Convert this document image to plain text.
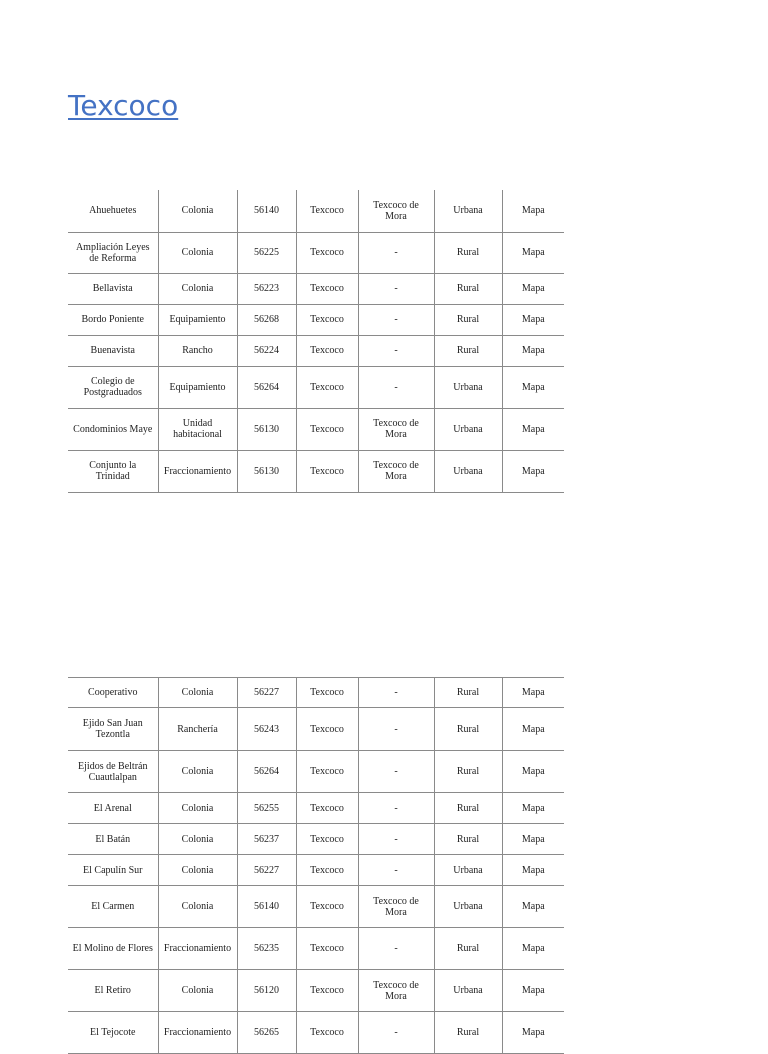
Texcoco
Ahuehuetes	Colonia	56140	Texcoco	Texcoco de Mora	Urbana	Mapa
Ampliación Leyes de Reforma	Colonia	56225	Texcoco	-	Rural	Mapa
Bellavista	Colonia	56223	Texcoco	-	Rural	Mapa
Bordo Poniente	Equipamiento	56268	Texcoco	-	Rural	Mapa
Buenavista	Rancho	56224	Texcoco	-	Rural	Mapa
Colegio de Postgraduados	Equipamiento	56264	Texcoco	-	Urbana	Mapa
Condominios Maye	Unidad habitacional	56130	Texcoco	Texcoco de Mora	Urbana	Mapa
Conjunto la Trinidad	Fraccionamiento	56130	Texcoco	Texcoco de Mora	Urbana	Mapa
Cooperativo	Colonia	56227	Texcoco	-	Rural	Mapa
Ejido San Juan Tezontla	Ranchería	56243	Texcoco	-	Rural	Mapa
Ejidos de Beltrán Cuautlalpan	Colonia	56264	Texcoco	-	Rural	Mapa
El Arenal	Colonia	56255	Texcoco	-	Rural	Mapa
El Batán	Colonia	56237	Texcoco	-	Rural	Mapa
El Capulín Sur	Colonia	56227	Texcoco	-	Urbana	Mapa
El Carmen	Colonia	56140	Texcoco	Texcoco de Mora	Urbana	Mapa
El Molino de Flores	Fraccionamiento	56235	Texcoco	-	Rural	Mapa
El Retiro	Colonia	56120	Texcoco	Texcoco de Mora	Urbana	Mapa
El Tejocote	Fraccionamiento	56265	Texcoco	-	Rural	Mapa
